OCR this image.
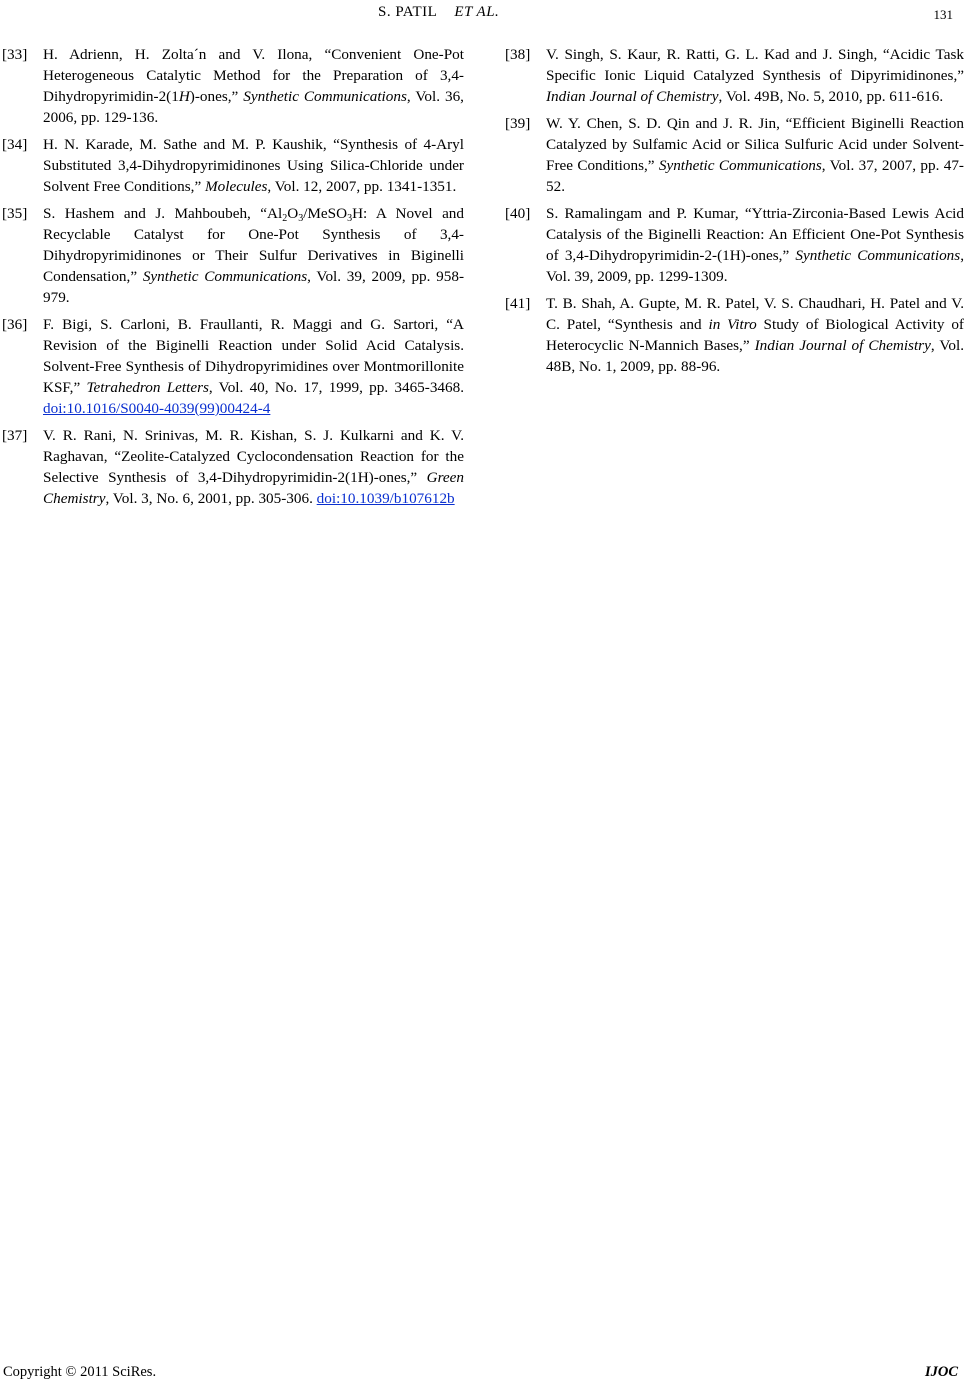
S. PATIL ET AL.	131
[33]	H. Adrienn, H. Zolta´n and V. Ilona, “Convenient One-Pot Heterogeneous Catalytic Method for the Preparation of 3,4-Dihydropyrimidin-2(1H)-ones,” Synthetic Communications, Vol. 36, 2006, pp. 129-136.
[34]	H. N. Karade, M. Sathe and M. P. Kaushik, “Synthesis of 4-Aryl Substituted 3,4-Dihydropyrimidinones Using Silica-Chloride under Solvent Free Conditions,” Molecules, Vol. 12, 2007, pp. 1341-1351.
[35]	S. Hashem and J. Mahboubeh, “$Al_2O_3/MeSO_3H$: A Novel and Recyclable Catalyst for One-Pot Synthesis of 3,4-Dihydropyrimidinones or Their Sulfur Derivatives in Biginelli Condensation,” Synthetic Communications, Vol. 39, 2009, pp. 958-979.
[36]	F. Bigi, S. Carloni, B. Fraullanti, R. Maggi and G. Sartori, “A Revision of the Biginelli Reaction under Solid Acid Catalysis. Solvent-Free Synthesis of Dihydropyrimidines over Montmorillonite KSF,” Tetrahedron Letters, Vol. 40, No. 17, 1999, pp. 3465-3468. doi:10.1016/S0040-4039(99)00424-4
[37]	V. R. Rani, N. Srinivas, M. R. Kishan, S. J. Kulkarni and K. V. Raghavan, “Zeolite-Catalyzed Cyclocondensation Reaction for the Selective Synthesis of 3,4-Dihydropyrimidin-2(1H)-ones,” Green Chemistry, Vol. 3, No. 6, 2001, pp. 305-306. doi:10.1039/b107612b
[38]	V. Singh, S. Kaur, R. Ratti, G. L. Kad and J. Singh, “Acidic Task Specific Ionic Liquid Catalyzed Synthesis of Dipyrimidinones,” Indian Journal of Chemistry, Vol. 49B, No. 5, 2010, pp. 611-616.
[39]	W. Y. Chen, S. D. Qin and J. R. Jin, “Efficient Biginelli Reaction Catalyzed by Sulfamic Acid or Silica Sulfuric Acid under Solvent-Free Conditions,” Synthetic Communications, Vol. 37, 2007, pp. 47-52.
[40]	S. Ramalingam and P. Kumar, “Yttria-Zirconia-Based Lewis Acid Catalysis of the Biginelli Reaction: An Efficient One-Pot Synthesis of 3,4-Dihydropyrimidin-2-(1H)-ones,” Synthetic Communications, Vol. 39, 2009, pp. 1299-1309.
[41]	T. B. Shah, A. Gupte, M. R. Patel, V. S. Chaudhari, H. Patel and V. C. Patel, “Synthesis and in Vitro Study of Biological Activity of Heterocyclic N-Mannich Bases,” Indian Journal of Chemistry, Vol. 48B, No. 1, 2009, pp. 88-96.
Copyright © 2011 SciRes.	IJOC
